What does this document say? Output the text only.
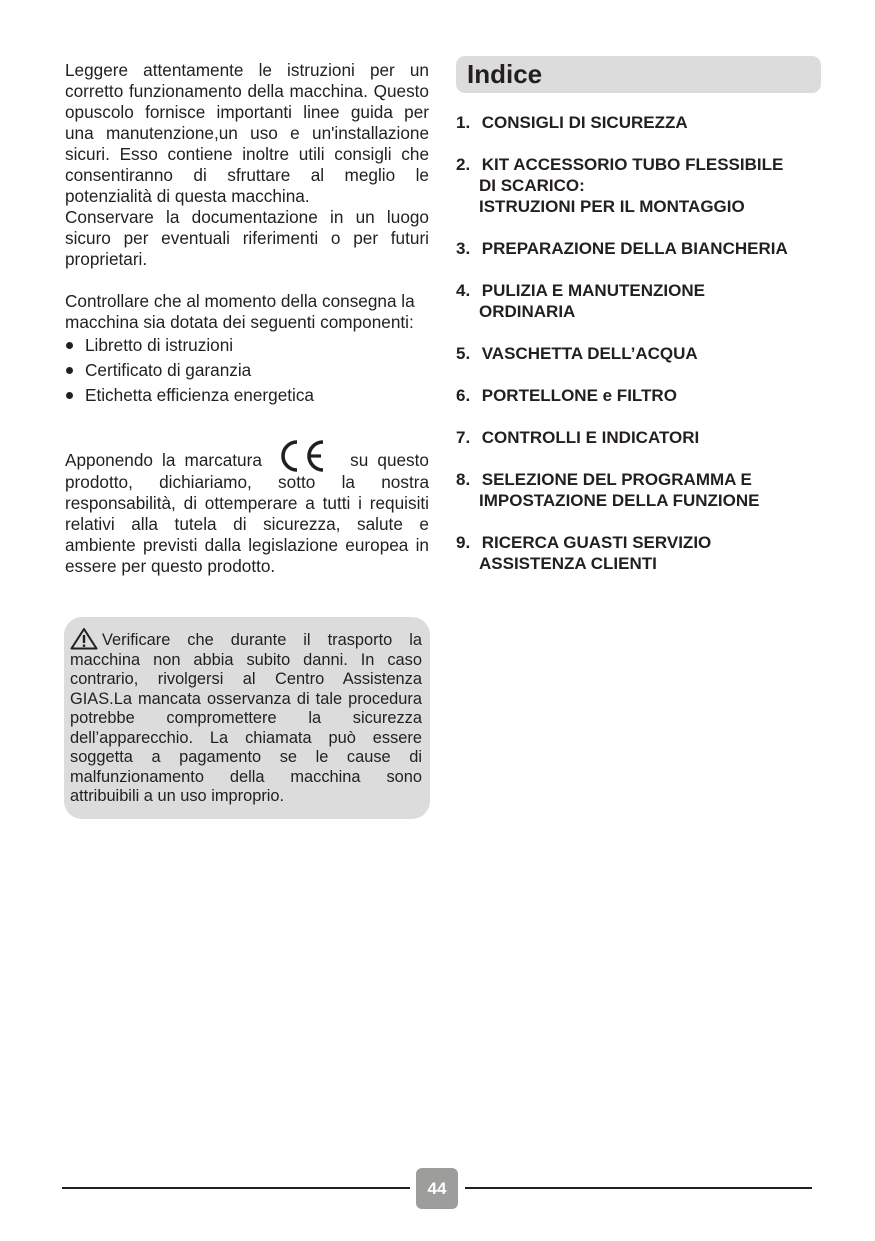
Leggere attentamente le istruzioni per un corretto funzionamento della macchina. Questo opuscolo fornisce importanti linee guida per una manutenzione,un uso e un'installazione sicuri. Esso contiene inoltre utili consigli che consentiranno di sfruttare al meglio le potenzialità di questa macchina.

Conservare la documentazione in un luogo sicuro per eventuali riferimenti o per futuri proprietari.

Controllare che al momento della consegna la macchina sia dotata dei seguenti componenti:

Libretto di istruzioni
Certificato di garanzia
Etichetta efficienza energetica

Apponendo la marcatura	su questo prodotto, dichiariamo, sotto la nostra responsabilità, di ottemperare a tutti i requisiti relativi alla tutela di sicurezza, salute e ambiente previsti dalla legislazione europea in essere per questo prodotto.

Verificare che durante il trasporto la macchina non abbia subito danni. In caso contrario, rivolgersi al Centro Assistenza GIAS.La mancata osservanza di tale procedura potrebbe compromettere la sicurezza dell’apparecchio. La chiamata può essere soggetta a pagamento se le cause di malfunzionamento della macchina sono attribuibili a un uso improprio.

Indice
1. CONSIGLI DI SICUREZZA
2. KIT ACCESSORIO TUBO FLESSIBILE
DI SCARICO:
ISTRUZIONI PER IL MONTAGGIO
3. PREPARAZIONE DELLA BIANCHERIA
4. PULIZIA E MANUTENZIONE
ORDINARIA
5. VASCHETTA DELL’ACQUA
6. PORTELLONE e FILTRO
7. CONTROLLI E INDICATORI
8. SELEZIONE DEL PROGRAMMA E
IMPOSTAZIONE DELLA FUNZIONE
9. RICERCA GUASTI SERVIZIO
ASSISTENZA CLIENTI
44
